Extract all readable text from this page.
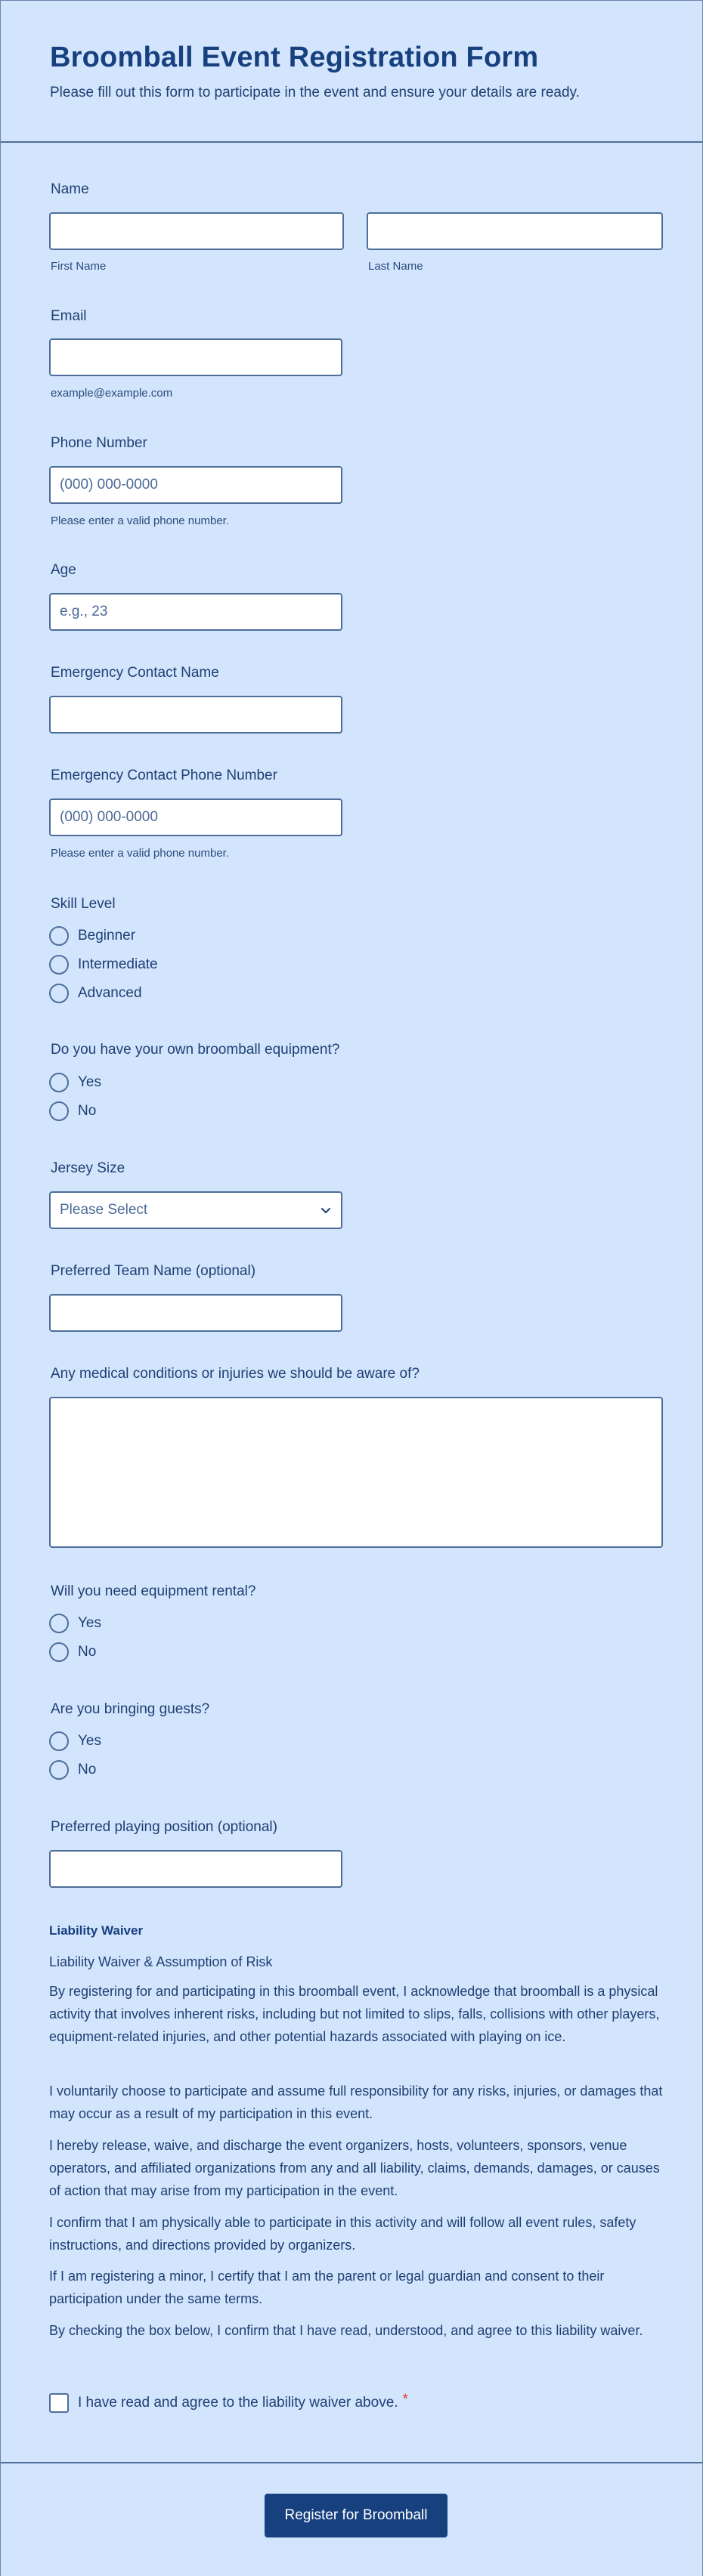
Broomball Event Registration Form
Please fill out this form to participate in the event and ensure your details are ready.
Name
First Name	Last Name
Email
example@example.com
Phone Number
(000) 000-0000
Please enter a valid phone number.
Age
e.g., 23
Emergency Contact Name
Emergency Contact Phone Number
(000) 000-0000
Please enter a valid phone number.
Skill Level
Beginner
Intermediate
Advanced
Do you have your own broomball equipment?
Yes
No
Jersey Size
Please Select
Preferred Team Name (optional)
Any medical conditions or injuries we should be aware of?
Will you need equipment rental?
Yes
No
Are you bringing guests?
Yes
No
Preferred playing position (optional)
Liability Waiver
Liability Waiver & Assumption of Risk

By registering for and participating in this broomball event, I acknowledge that broomball is a physical activity that involves inherent risks, including but not limited to slips, falls, collisions with other players, equipment-related injuries, and other potential hazards associated with playing on ice.

I voluntarily choose to participate and assume full responsibility for any risks, injuries, or damages that may occur as a result of my participation in this event.

I hereby release, waive, and discharge the event organizers, hosts, volunteers, sponsors, venue operators, and affiliated organizations from any and all liability, claims, demands, damages, or causes of action that may arise from my participation in the event.

I confirm that I am physically able to participate in this activity and will follow all event rules, safety instructions, and directions provided by organizers.

If I am registering a minor, I certify that I am the parent or legal guardian and consent to their participation under the same terms.

By checking the box below, I confirm that I have read, understood, and agree to this liability waiver.

I have read and agree to the liability waiver above. *
Register for Broomball
